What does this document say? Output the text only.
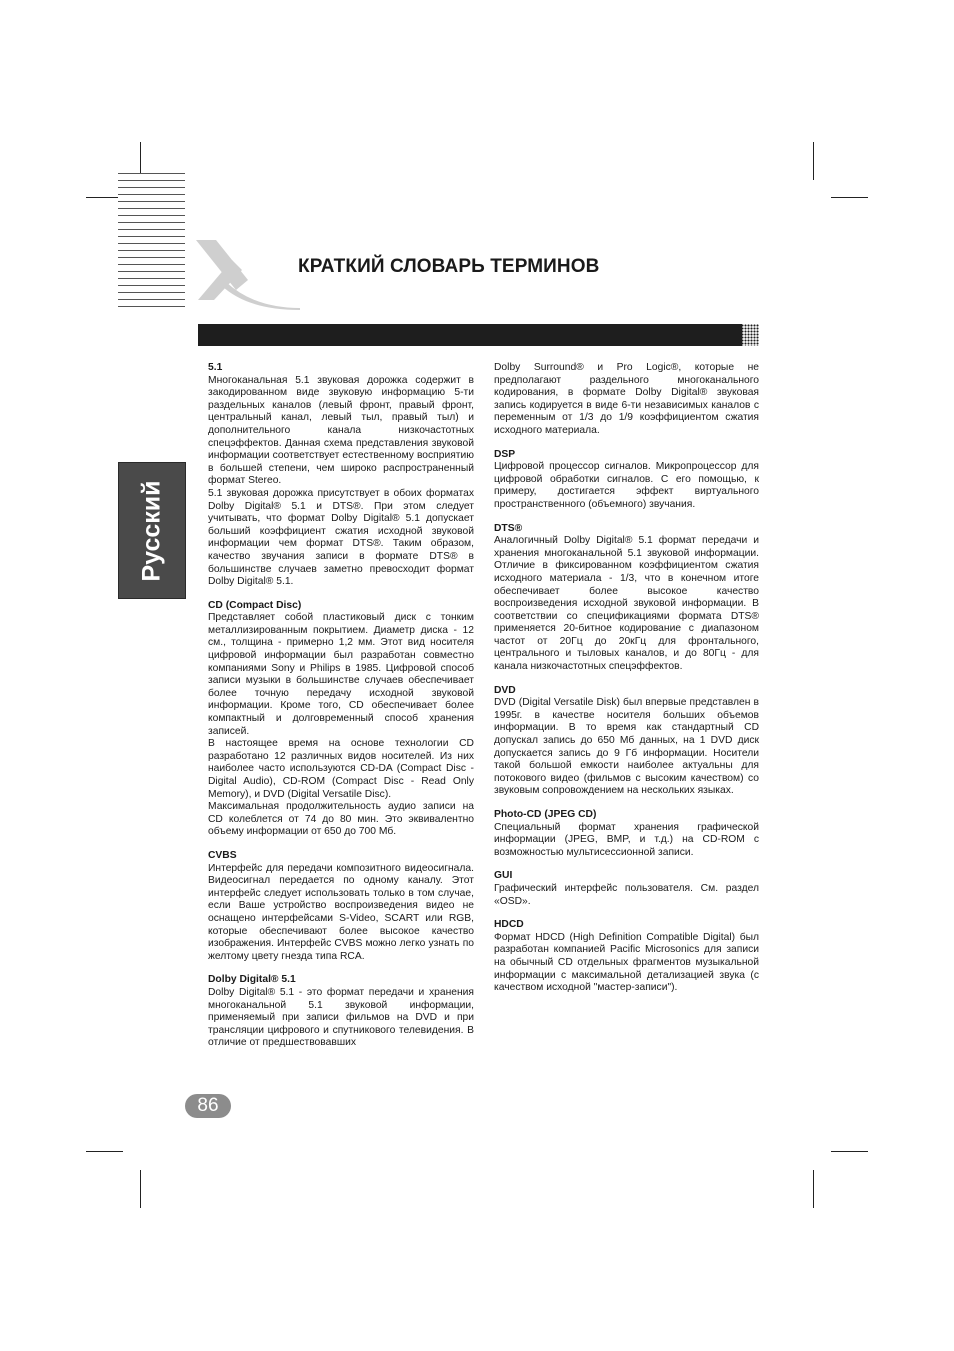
КРАТКИЙ СЛОВАРЬ ТЕРМИНОВ
Русский

5.1

Многоканальная 5.1 звуковая дорожка содержит в закодированном виде звуковую информацию 5-ти раздельных каналов (левый фронт, правый фронт, центральный канал, левый тыл, правый тыл) и дополнительного канала низкочастотных спецэффектов. Данная схема представления звуковой информации соответствует естественному восприятию в большей степени, чем широко распространенный формат Stereo.

5.1 звуковая дорожка присутствует в обоих форматах Dolby Digital® 5.1 и DTS®. При этом следует учитывать, что формат Dolby Digital® 5.1 допускает больший коэффициент сжатия исходной звуковой информации чем формат DTS®. Таким образом, качество звучания записи в формате DTS® в большинстве случаев заметно превосходит формат Dolby Digital® 5.1.

CD (Compact Disc)

Представляет собой пластиковый диск с тонким металлизированным покрытием. Диаметр диска - 12 см., толщина - примерно 1,2 мм. Этот вид носителя цифровой информации был разработан совместно компаниями Sony и Philips в 1985. Цифровой способ записи музыки в большинстве случаев обеспечивает более точную передачу исходной звуковой информации. Кроме того, CD обеспечивает более компактный и долговременный способ хранения записей.

В настоящее время на основе технологии CD разработано 12 различных видов носителей. Из них наиболее часто используются CD-DA (Compact Disc - Digital Audio), CD-ROM (Compact Disc - Read Only Memory), и DVD (Digital Versatile Disc).

Максимальная продолжительность аудио записи на CD колеблется от 74 до 80 мин. Это эквивалентно объему информации от 650 до 700 Мб.

CVBS

Интерфейс для передачи композитного видеосигнала. Видеосигнал передается по одному каналу. Этот интерфейс следует использовать только в том случае, если Ваше устройство воспроизведения видео не оснащено интерфейсами S-Video, SCART или RGB, которые обеспечивают более высокое качество изображения. Интерфейс CVBS можно легко узнать по желтому цвету гнезда типа RCA.

Dolby Digital® 5.1

Dolby Digital® 5.1 - это формат передачи и хранения многоканальной 5.1 звуковой информации, применяемый при записи фильмов на DVD и при трансляции цифрового и спутникового телевидения. В отличие от предшествовавших

Dolby Surround® и Pro Logic®, которые не предполагают раздельного многоканального кодирования, в формате Dolby Digital® звуковая запись кодируется в виде 6-ти независимых каналов с переменным от 1/3 до 1/9 коэффициентом сжатия исходного материала.

DSP

Цифровой процессор сигналов. Микропроцессор для цифровой обработки сигналов. С его помощью, к примеру, достигается эффект виртуального пространственного (объемного) звучания.

DTS®

Аналогичный Dolby Digital® 5.1 формат передачи и хранения многоканальной 5.1 звуковой информации. Отличие в фиксированном коэффициентом сжатия исходного материала - 1/3, что в конечном итоге обеспечивает более высокое качество воспроизведения исходной звуковой информации. В соответствии со спецификациями формата DTS® применяется 20-битное кодирование с диапазоном частот от 20Гц до 20кГц для фронтального, центрального и тыловых каналов, и до 80Гц - для канала низкочастотных спецэффектов.

DVD

DVD (Digital Versatile Disk) был впервые представлен в 1995г. в качестве носителя больших объемов информации. В то время как стандартный CD допускал запись до 650 Мб данных, на 1 DVD диск допускается запись до 9 Гб информации. Носители такой большой емкости наиболее актуальны для потокового видео (фильмов с высоким качеством) со звуковым сопровождением на нескольких языках.

Photo-CD (JPEG CD)

Специальный формат хранения графической информации (JPEG, BMP, и т.д.) на CD-ROM с возможностью мультисессионной записи.

GUI

Графический интерфейс пользователя. См. раздел «OSD».

HDCD

Формат HDCD (High Definition Compatible Digital) был разработан компанией Pacific Microsonics для записи на обычный CD отдельных фрагментов музыкальной информации с максимальной детализацией звука (с качеством исходной "мастер-записи").

86
